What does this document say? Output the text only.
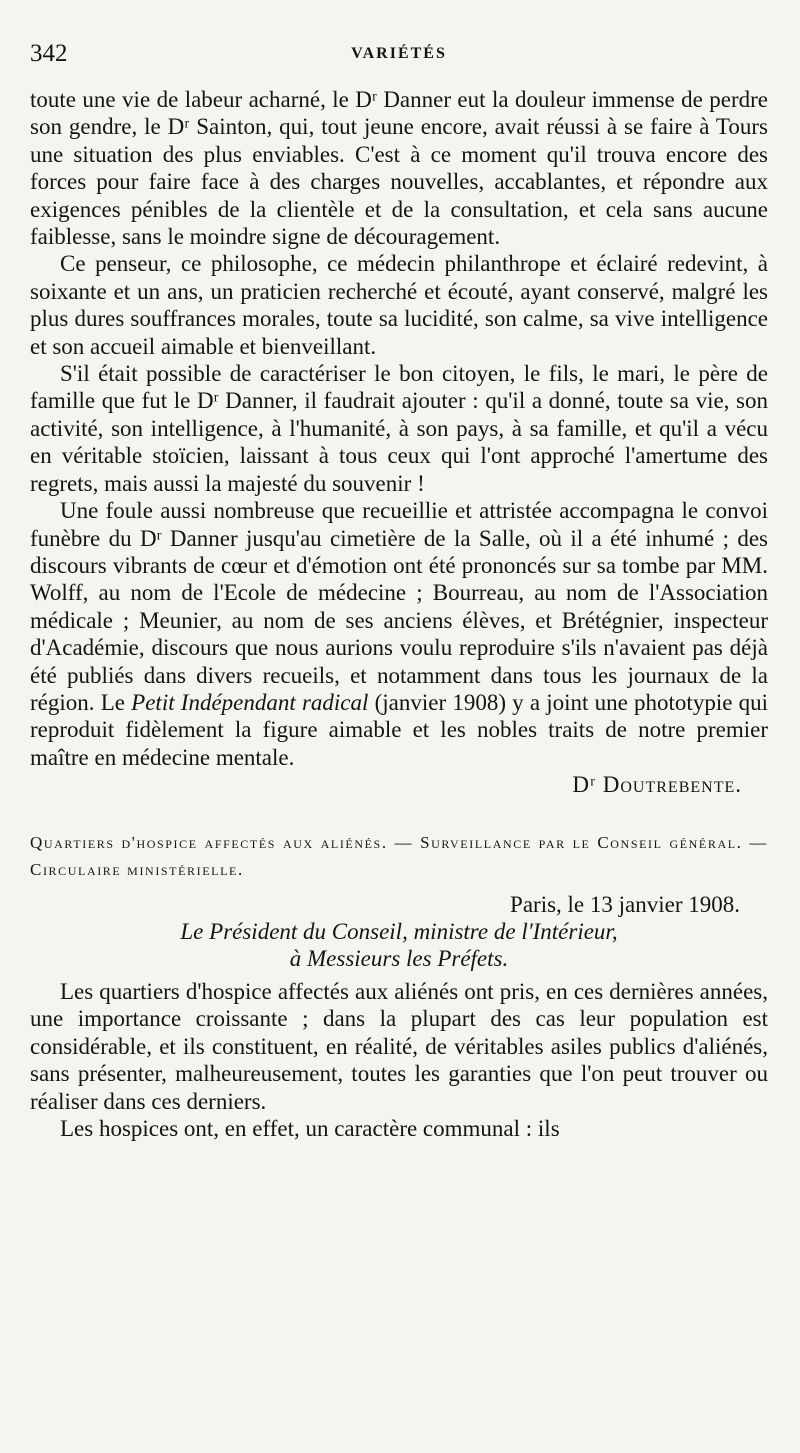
342	VARIÉTÉS

toute une vie de labeur acharné, le Dʳ Danner eut la douleur immense de perdre son gendre, le Dʳ Sainton, qui, tout jeune encore, avait réussi à se faire à Tours une situation des plus enviables. C'est à ce moment qu'il trouva encore des forces pour faire face à des charges nouvelles, accablantes, et répondre aux exigences pénibles de la clientèle et de la consultation, et cela sans aucune faiblesse, sans le moindre signe de découragement.

Ce penseur, ce philosophe, ce médecin philanthrope et éclairé redevint, à soixante et un ans, un praticien recherché et écouté, ayant conservé, malgré les plus dures souffrances morales, toute sa lucidité, son calme, sa vive intelligence et son accueil aimable et bienveillant.

S'il était possible de caractériser le bon citoyen, le fils, le mari, le père de famille que fut le Dʳ Danner, il faudrait ajouter : qu'il a donné, toute sa vie, son activité, son intelligence, à l'humanité, à son pays, à sa famille, et qu'il a vécu en véritable stoïcien, laissant à tous ceux qui l'ont approché l'amertume des regrets, mais aussi la majesté du souvenir !

Une foule aussi nombreuse que recueillie et attristée accompagna le convoi funèbre du Dʳ Danner jusqu'au cimetière de la Salle, où il a été inhumé ; des discours vibrants de cœur et d'émotion ont été prononcés sur sa tombe par MM. Wolff, au nom de l'Ecole de médecine ; Bourreau, au nom de l'Association médicale ; Meunier, au nom de ses anciens élèves, et Brétégnier, inspecteur d'Académie, discours que nous aurions voulu reproduire s'ils n'avaient pas déjà été publiés dans divers recueils, et notamment dans tous les journaux de la région. Le Petit Indépendant radical (janvier 1908) y a joint une phototypie qui reproduit fidèlement la figure aimable et les nobles traits de notre premier maître en médecine mentale.

Dʳ Doutrebente.
Quartiers d'hospice affectés aux aliénés. — Surveillance par le Conseil général. — Circulaire ministérielle.
Paris, le 13 janvier 1908.
Le Président du Conseil, ministre de l'Intérieur,
à Messieurs les Préfets.

Les quartiers d'hospice affectés aux aliénés ont pris, en ces dernières années, une importance croissante ; dans la plupart des cas leur population est considérable, et ils constituent, en réalité, de véritables asiles publics d'aliénés, sans présenter, malheureusement, toutes les garanties que l'on peut trouver ou réaliser dans ces derniers.

Les hospices ont, en effet, un caractère communal : ils
